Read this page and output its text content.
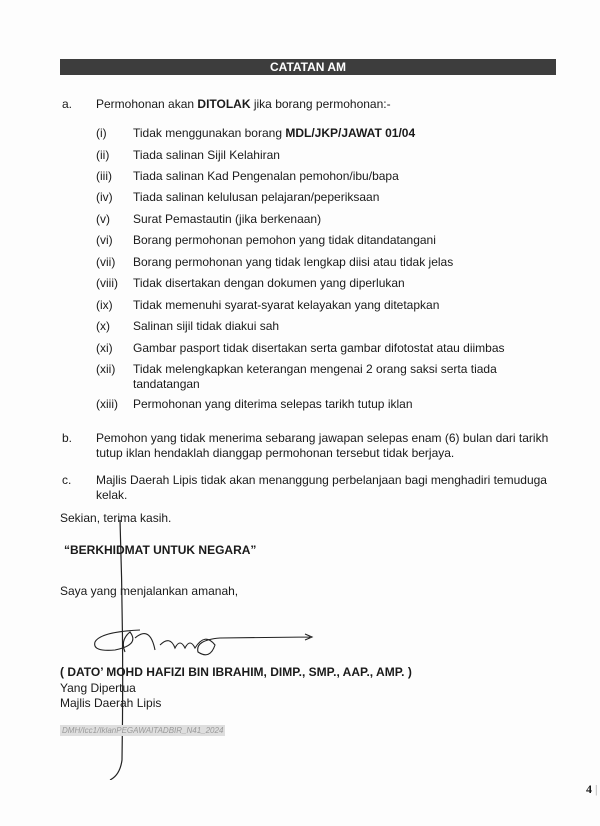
CATATAN AM
a. Permohonan akan DITOLAK jika borang permohonan:-
(i) Tidak menggunakan borang MDL/JKP/JAWAT 01/04
(ii) Tiada salinan Sijil Kelahiran
(iii) Tiada salinan Kad Pengenalan pemohon/ibu/bapa
(iv) Tiada salinan kelulusan pelajaran/peperiksaan
(v) Surat Pemastautin (jika berkenaan)
(vi) Borang permohonan pemohon yang tidak ditandatangani
(vii) Borang permohonan yang tidak lengkap diisi atau tidak jelas
(viii) Tidak disertakan dengan dokumen yang diperlukan
(ix) Tidak memenuhi syarat-syarat kelayakan yang ditetapkan
(x) Salinan sijil tidak diakui sah
(xi) Gambar pasport tidak disertakan serta gambar difotostat atau diimbas
(xii) Tidak melengkapkan keterangan mengenai 2 orang saksi serta tiada
tandatangan
(xiii) Permohonan yang diterima selepas tarikh tutup iklan
b. Pemohon yang tidak menerima sebarang jawapan selepas enam (6) bulan dari tarikh tutup iklan hendaklah dianggap permohonan tersebut tidak berjaya.
c. Majlis Daerah Lipis tidak akan menanggung perbelanjaan bagi menghadiri temuduga kelak.
Sekian, terima kasih.
“BERKHIDMAT UNTUK NEGARA”
Saya yang menjalankan amanah,
( DATO’ MOHD HAFIZI BIN IBRAHIM, DIMP., SMP., AAP., AMP. )
Yang Dipertua
Majlis Daerah Lipis
DMH/Icc1/IklanPEGAWAITADBIR_N41_2024
4 |
